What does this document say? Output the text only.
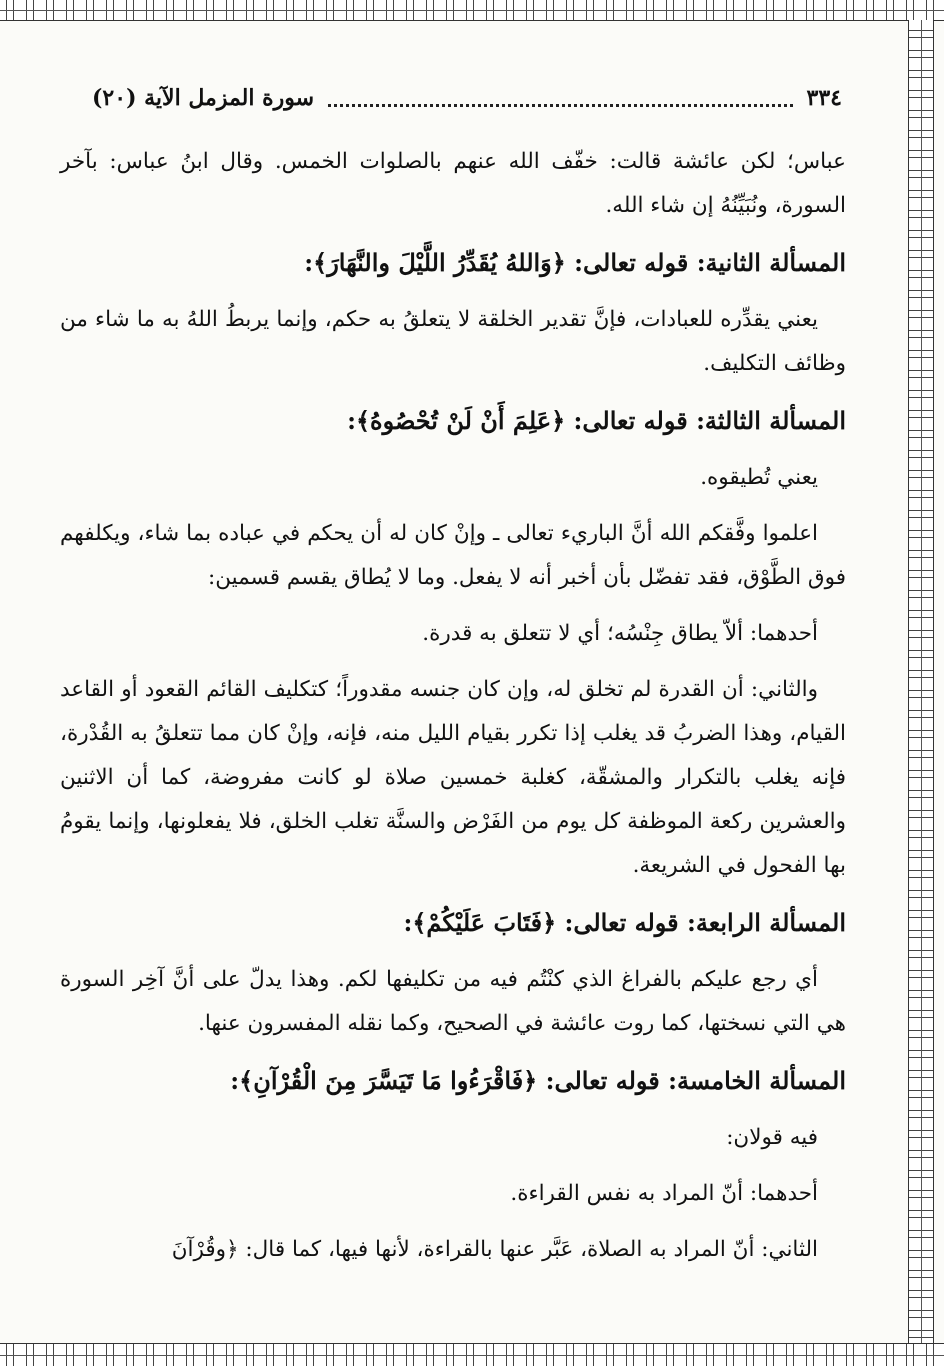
٣٣٤
سورة المزمل الآية (٢٠)

عباس؛ لكن عائشة قالت: خفّف الله عنهم بالصلوات الخمس. وقال ابنُ عباس: بآخر السورة، ونُبَيِّنُهُ إن شاء الله.

المسألة الثانية: قوله تعالى: ﴿وَاللهُ يُقَدِّرُ اللَّيْلَ والنَّهَارَ﴾:

يعني يقدِّره للعبادات، فإنَّ تقدير الخلقة لا يتعلقُ به حكم، وإنما يربطُ اللهُ به ما شاء من وظائف التكليف.

المسألة الثالثة: قوله تعالى: ﴿عَلِمَ أَنْ لَنْ تُحْصُوهُ﴾:

يعني تُطيقوه.

اعلموا وفَّقكم الله أنَّ الباريء تعالى ـ وإنْ كان له أن يحكم في عباده بما شاء، ويكلفهم فوق الطَّوْق، فقد تفضّل بأن أخبر أنه لا يفعل. وما لا يُطاق يقسم قسمين:

أحدهما: ألاّ يطاق جِنْسُه؛ أي لا تتعلق به قدرة.

والثاني: أن القدرة لم تخلق له، وإن كان جنسه مقدوراً؛ كتكليف القائم القعود أو القاعد القيام، وهذا الضربُ قد يغلب إذا تكرر بقيام الليل منه، فإنه، وإنْ كان مما تتعلقُ به القُدْرة، فإنه يغلب بالتكرار والمشقّة، كغلبة خمسين صلاة لو كانت مفروضة، كما أن الاثنين والعشرين ركعة الموظفة كل يوم من الفَرْض والسنَّة تغلب الخلق، فلا يفعلونها، وإنما يقومُ بها الفحول في الشريعة.

المسألة الرابعة: قوله تعالى: ﴿فَتَابَ عَلَيْكُمْ﴾:

أي رجع عليكم بالفراغ الذي كنْتُم فيه من تكليفها لكم. وهذا يدلّ على أنَّ آخِر السورة هي التي نسختها، كما روت عائشة في الصحيح، وكما نقله المفسرون عنها.

المسألة الخامسة: قوله تعالى: ﴿فَاقْرَءُوا مَا تَيَسَّرَ مِنَ الْقُرْآنِ﴾:

فيه قولان:

أحدهما: أنّ المراد به نفس القراءة.

الثاني: أنّ المراد به الصلاة، عَبَّر عنها بالقراءة، لأنها فيها، كما قال: ﴿وقُرْآنَ
